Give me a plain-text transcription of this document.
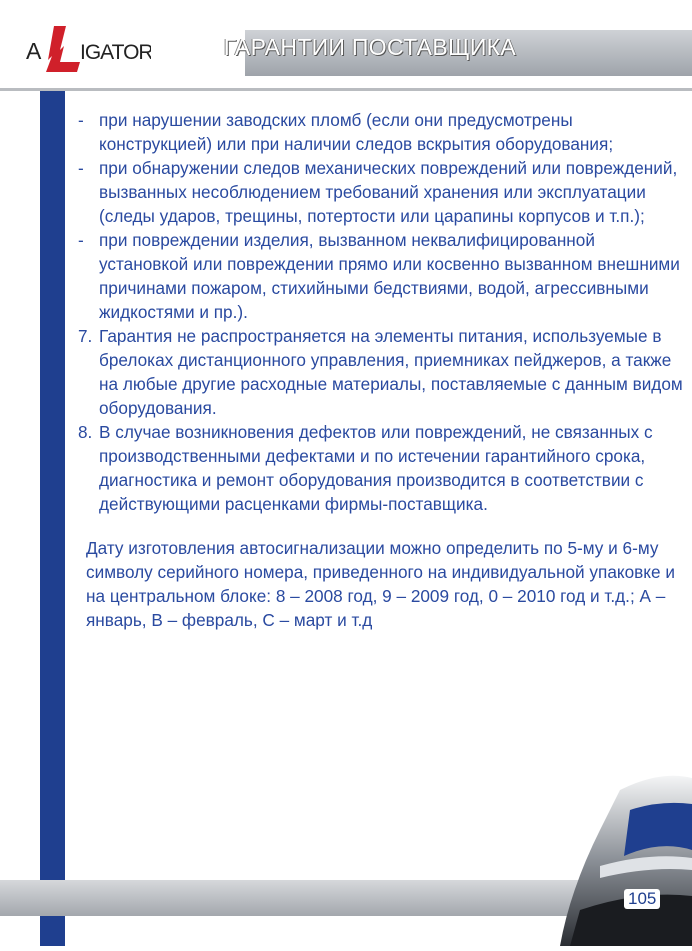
A IGATOR	ГАРАНТИИ ПОСТАВЩИКА

- при нарушении заводских пломб (если они предусмотрены конструкцией) или при наличии следов вскрытия оборудования;

- при обнаружении следов механических повреждений или повреждений, вызванных несоблюдением требований хранения или эксплуатации (следы ударов, трещины, потертости или царапины корпусов и т.п.);

- при повреждении изделия, вызванном неквалифицированной установкой или повреждении прямо или косвенно вызванном внешними причинами пожаром, стихийными бедствиями, водой, агрессивными жидкостями и пр.).

7. Гарантия не распространяется на элементы питания, используемые в брелоках дистанционного управления, приемниках пейджеров, а также на любые другие расходные материалы, поставляемые с данным видом оборудования.

8. В случае возникновения дефектов или повреждений, не связанных с производственными дефектами и по истечении гарантийного срока, диагностика и ремонт оборудования производится в соответствии с действующими расценками фирмы-поставщика.

Дату изготовления автосигнализации можно определить по 5-му и 6-му символу серийного номера, приведенного на индивидуальной упаковке и на центральном блоке: 8 – 2008 год, 9 – 2009 год, 0 – 2010 год и т.д.; А – январь, В – февраль, С – март и т.д

105
